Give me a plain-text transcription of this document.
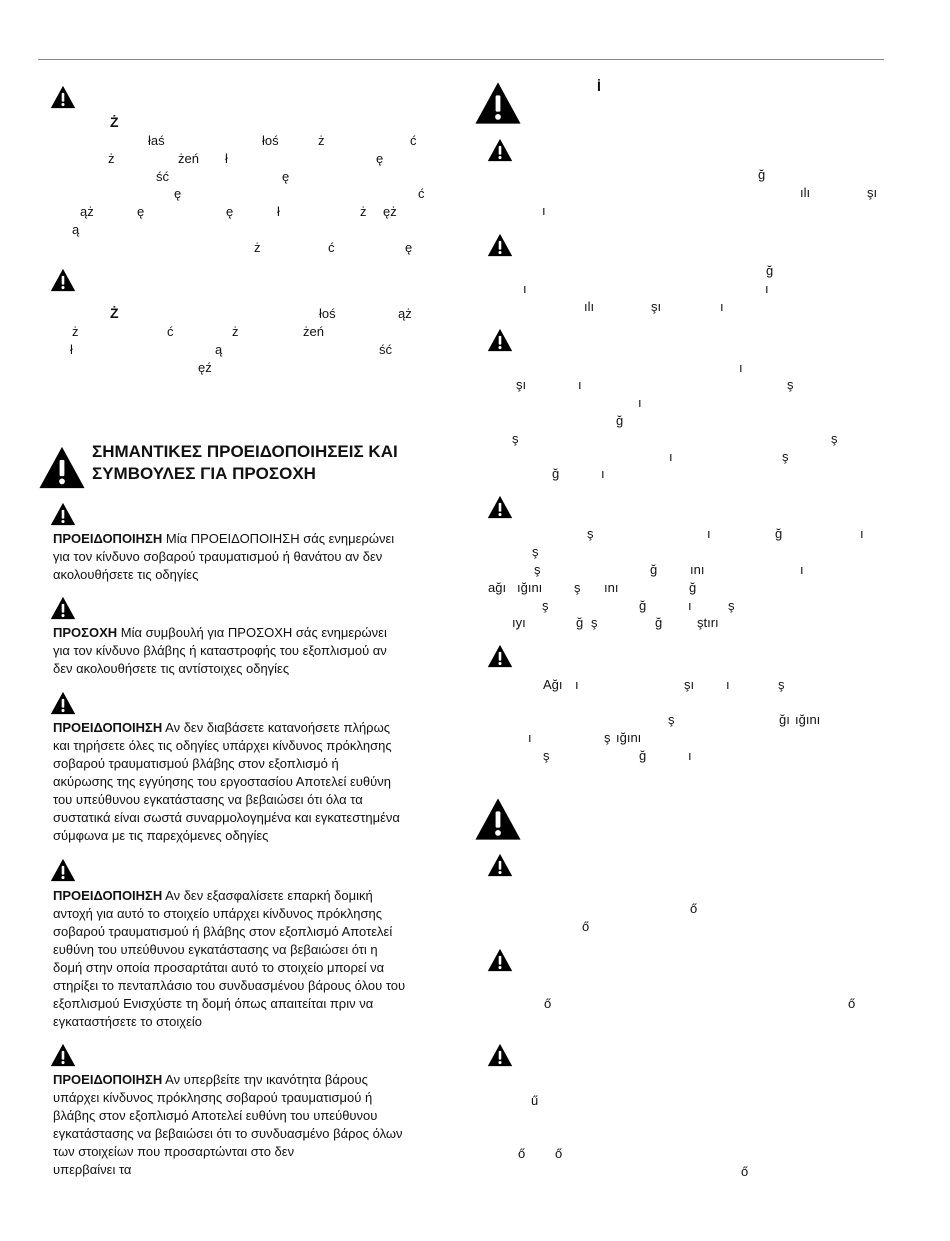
ΣΗΜΑΝΤΙΚΕΣ ΠΡΟΕΙΔΟΠΟΙΗΣΕΙΣ ΚΑΙ
ΣΥΜΒΟΥΛΕΣ ΓΙΑ ΠΡΟΣΟΧΗ
ΠΡΟΕΙΔΟΠΟΙΗΣΗ Μία ΠΡΟΕΙΔΟΠΟΙΗΣΗ σάς ενημερώνει
για τον κίνδυνο σοβαρού τραυματισμού ή θανάτου αν δεν
ακολουθήσετε τις οδηγίες
ΠΡΟΣΟΧΗ Μία συμβουλή για ΠΡΟΣΟΧΗ σάς ενημερώνει
για τον κίνδυνο βλάβης ή καταστροφής του εξοπλισμού αν
δεν ακολουθήσετε τις αντίστοιχες οδηγίες
ΠΡΟΕΙΔΟΠΟΙΗΣΗ Αν δεν διαβάσετε κατανοήσετε πλήρως
και τηρήσετε όλες τις οδηγίες υπάρχει κίνδυνος πρόκλησης
σοβαρού τραυματισμού βλάβης στον εξοπλισμό ή
ακύρωσης της εγγύησης του εργοστασίου Αποτελεί ευθύνη
του υπεύθυνου εγκατάστασης να βεβαιώσει ότι όλα τα
συστατικά είναι σωστά συναρμολογημένα και εγκατεστημένα
σύμφωνα με τις παρεχόμενες οδηγίες
ΠΡΟΕΙΔΟΠΟΙΗΣΗ Αν δεν εξασφαλίσετε επαρκή δομική
αντοχή για αυτό το στοιχείο υπάρχει κίνδυνος πρόκλησης
σοβαρού τραυματισμού ή βλάβης στον εξοπλισμό Αποτελεί
ευθύνη του υπεύθυνου εγκατάστασης να βεβαιώσει ότι η
δομή στην οποία προσαρτάται αυτό το στοιχείο μπορεί να
στηρίξει το πενταπλάσιο του συνδυασμένου βάρους όλου του
εξοπλισμού Ενισχύστε τη δομή όπως απαιτείται πριν να
εγκαταστήσετε το στοιχείο
ΠΡΟΕΙΔΟΠΟΙΗΣΗ Αν υπερβείτε την ικανότητα βάρους
υπάρχει κίνδυνος πρόκλησης σοβαρού τραυματισμού ή
βλάβης στον εξοπλισμό Αποτελεί ευθύνη του υπεύθυνου
εγκατάστασης να βεβαιώσει ότι το συνδυασμένο βάρος όλων
των στοιχείων που προσαρτώνται στο δεν
υπερβαίνει τα
Ż
łaś	łoś	ż	ć
ż	żeń ł	ę
ść	ę
ę	ć
ąż	ę	ę	ł	ż ęż
ą
ż	ć	ę
Ż	łoś	ąż
ż	ć	ż	żeń
ł	ą	ść
ęź
İ
ğ
ılı	şı
ı
ğ
ı	ı
ılı	şı	ı
ı
şı	ı	ş
ı
ğ
ş	ş
ı	ş
ğ	ı
ş	ı	ğ	ı
ş
ş	ğ	ını	ı
ağı ığını ş ını	ğ
ş	ğ	ı	ş
ıyı	ğ ş	ğ	ştırı
Ağı ı	şı ı	ş
ş	ğı ığını
ı	ş ığını
ş	ğ	ı
ő
ő
ő	ő
ű
ő ő
ő
